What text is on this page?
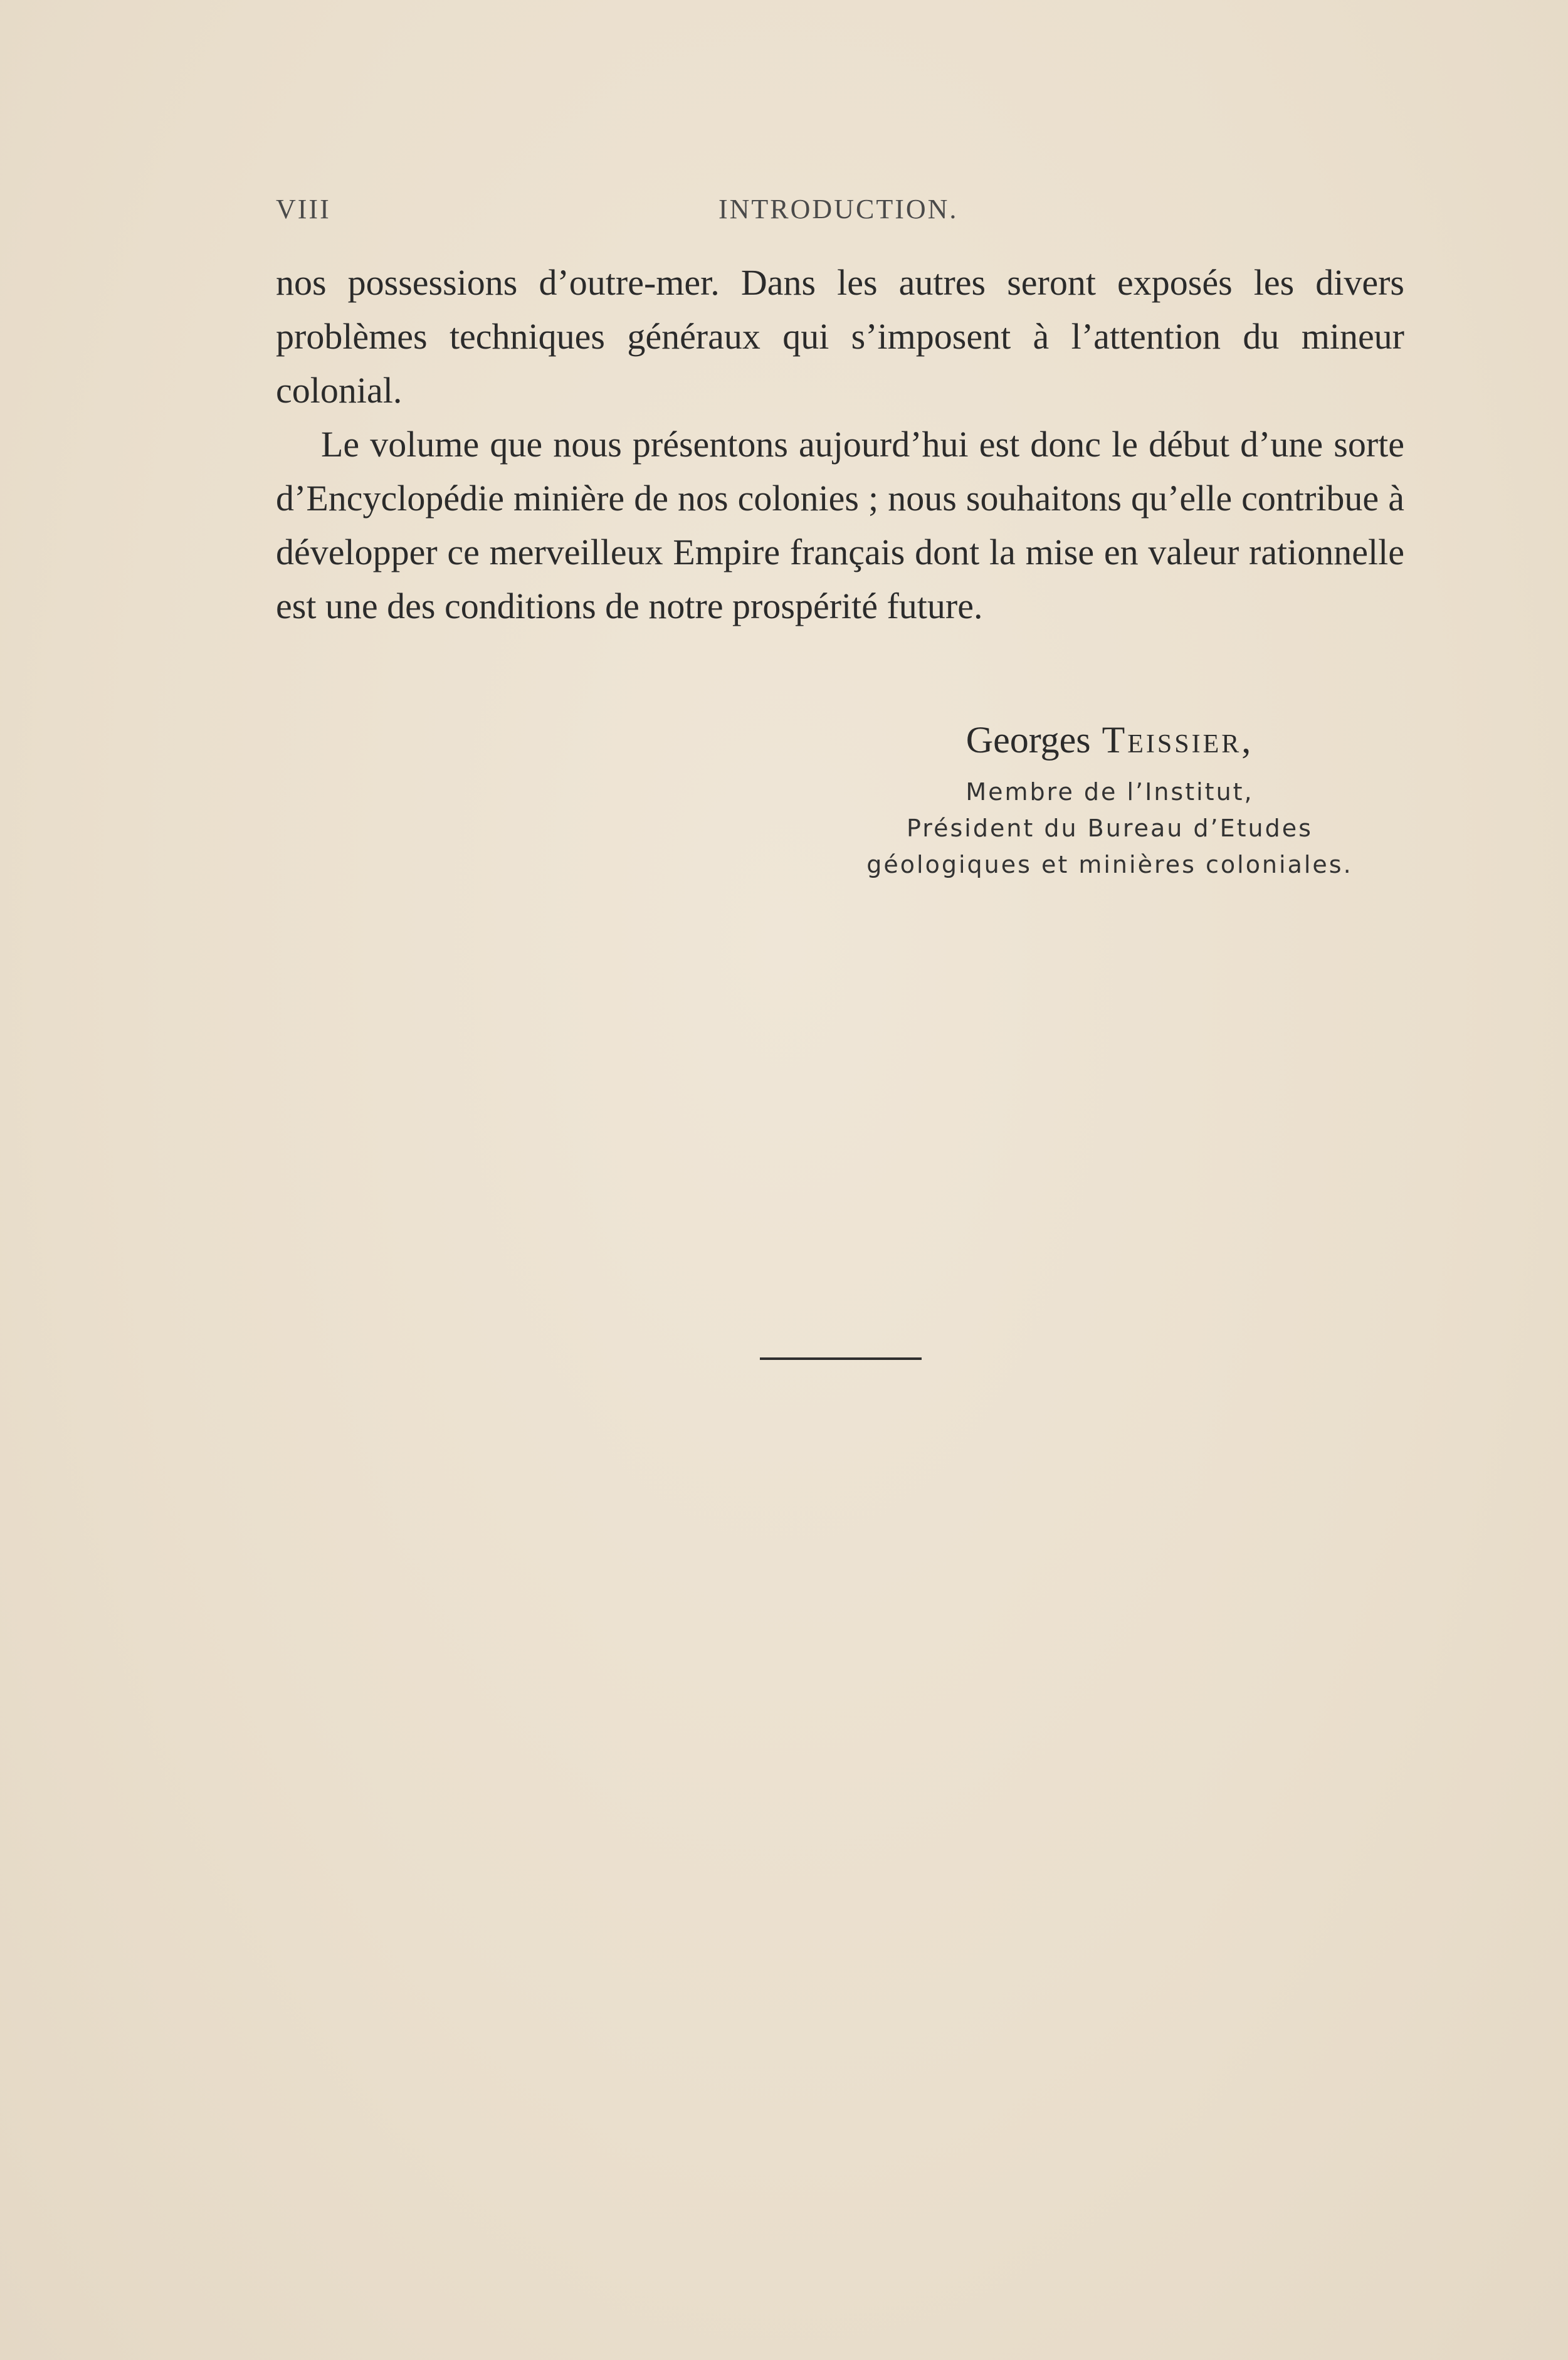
VIII	INTRODUCTION.

nos possessions d’outre-mer. Dans les autres seront exposés les divers problèmes techniques généraux qui s’imposent à l’attention du mineur colonial.

Le volume que nous présentons aujourd’hui est donc le début d’une sorte d’Encyclopédie minière de nos colonies ; nous souhaitons qu’elle contribue à développer ce merveilleux Empire français dont la mise en valeur rationnelle est une des conditions de notre prospérité future.

Georges Teissier,
Membre de l’Institut,
Président du Bureau d’Etudes
géologiques et minières coloniales.
